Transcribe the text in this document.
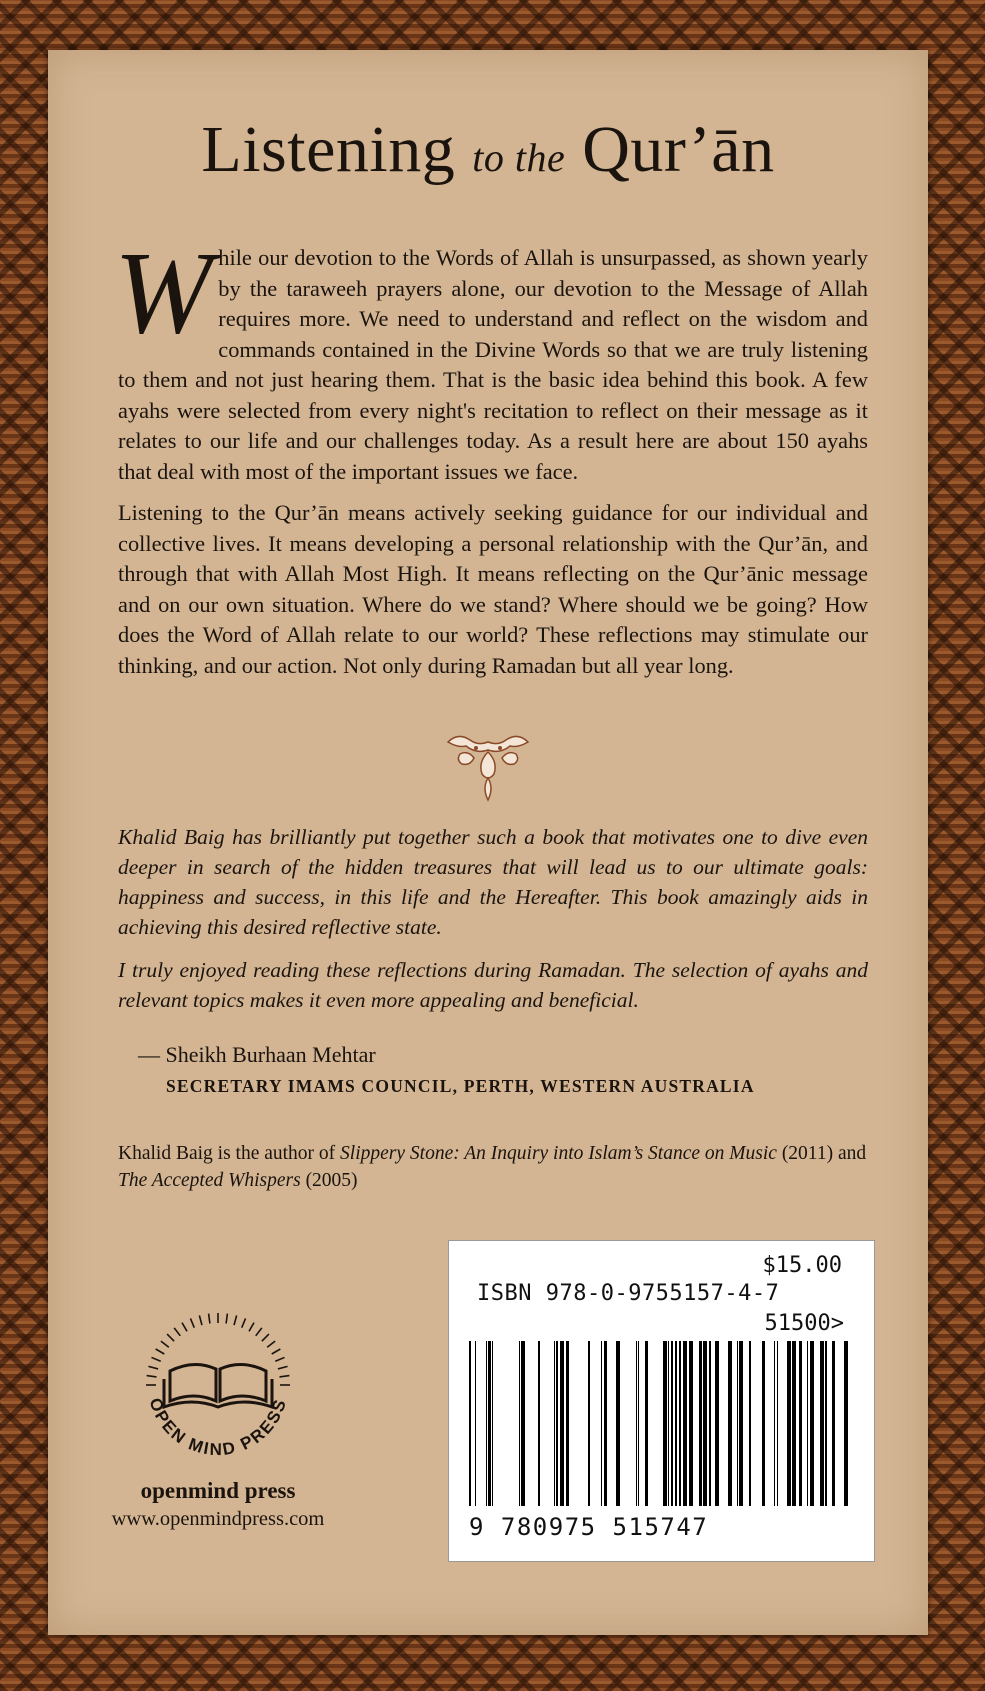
Listening to the Qur’ān

While our devotion to the Words of Allah is unsurpassed, as shown yearly by the taraweeh prayers alone, our devotion to the Message of Allah requires more. We need to understand and reflect on the wisdom and commands contained in the Divine Words so that we are truly listening to them and not just hearing them. That is the basic idea behind this book. A few ayahs were selected from every night's recitation to reflect on their message as it relates to our life and our challenges today. As a result here are about 150 ayahs that deal with most of the important issues we face.

Listening to the Qur’ān means actively seeking guidance for our individual and collective lives. It means developing a personal relationship with the Qur’ān, and through that with Allah Most High. It means reflecting on the Qur’ānic message and on our own situation. Where do we stand? Where should we be going? How does the Word of Allah relate to our world? These reflections may stimulate our thinking, and our action. Not only during Ramadan but all year long.

Khalid Baig has brilliantly put together such a book that motivates one to dive even deeper in search of the hidden treasures that will lead us to our ultimate goals: happiness and success, in this life and the Hereafter. This book amazingly aids in achieving this desired reflective state.

I truly enjoyed reading these reflections during Ramadan. The selection of ayahs and relevant topics makes it even more appealing and beneficial.

— Sheikh Burhaan Mehtar

SECRETARY IMAMS COUNCIL, PERTH, WESTERN AUSTRALIA

Khalid Baig is the author of Slippery Stone: An Inquiry into Islam’s Stance on Music (2011) and The Accepted Whispers (2005)

OPEN MIND PRESS

openmind press

www.openmindpress.com

$15.00

ISBN 978-0-9755157-4-7

51500>

9 780975 515747
